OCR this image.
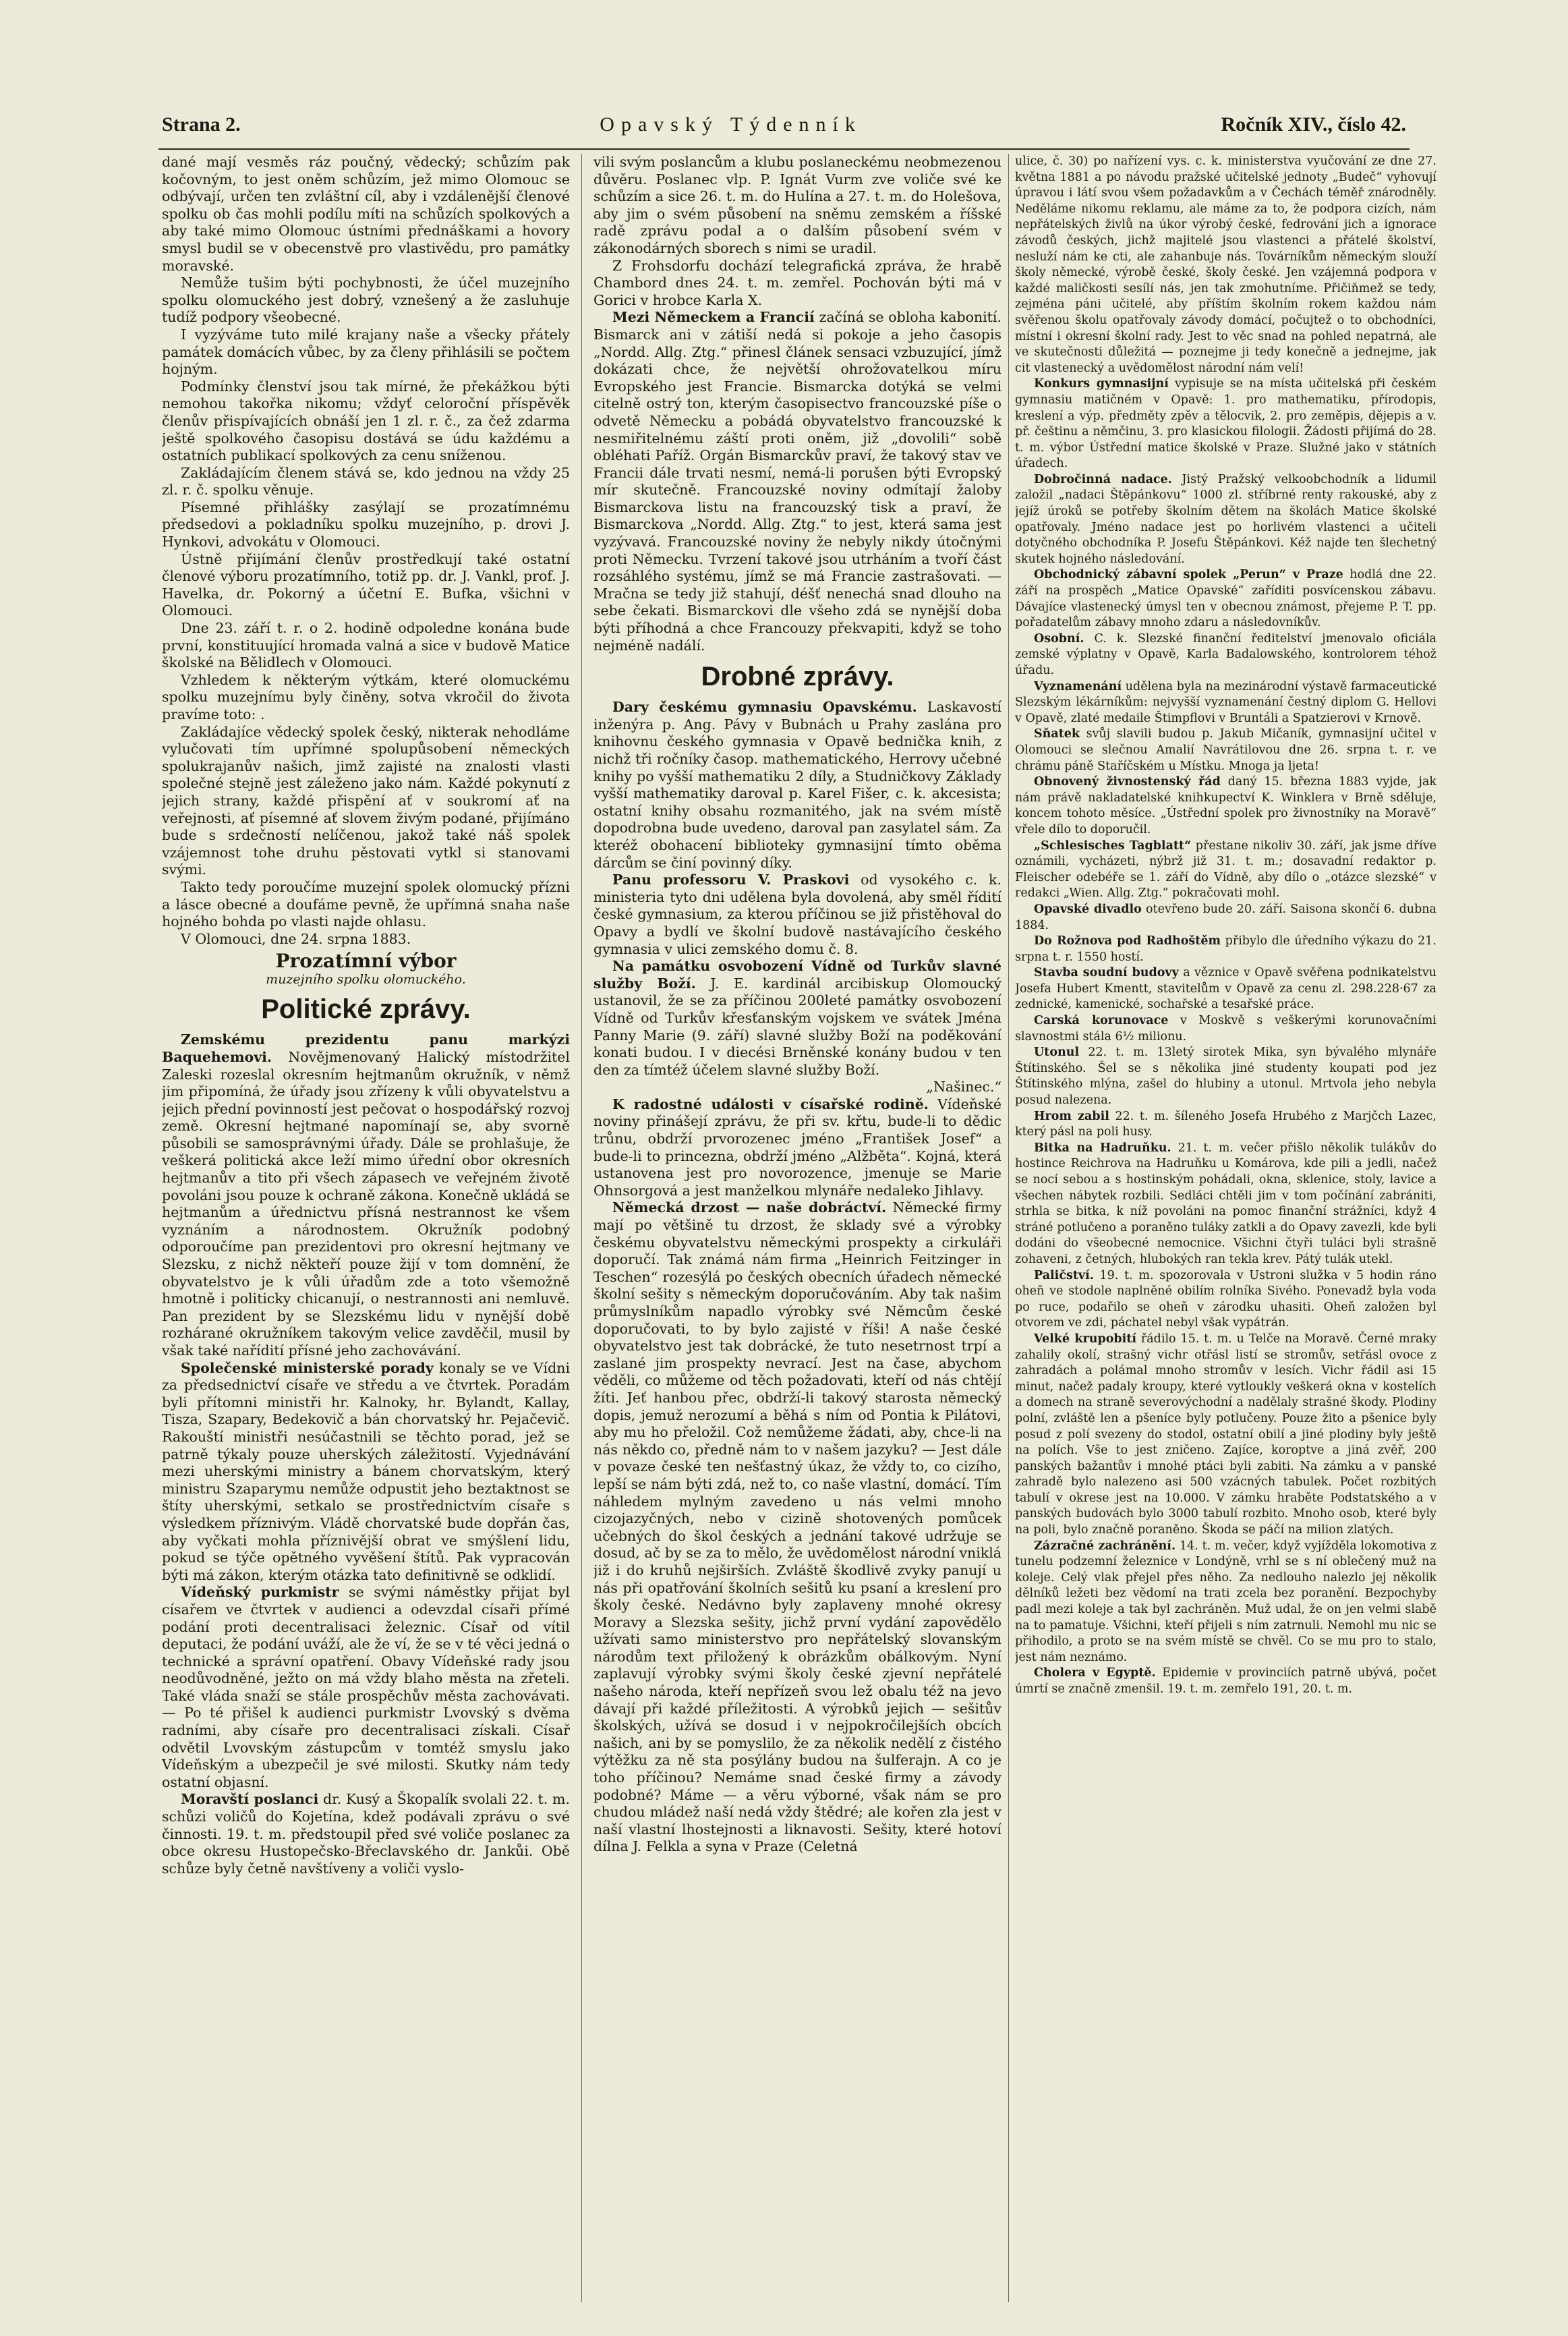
Strana 2.	Opavský Týdenník	Ročník XIV., číslo 42.

dané mají vesměs ráz poučný, vědecký; schůzím pak kočovným, to jest oněm schůzím, jež mimo Olomouc se odbývají, určen ten zvláštní cíl, aby i vzdálenější členové spolku ob čas mohli podílu míti na schůzích spolkových a aby také mimo Olomouc ústními přednáškami a hovory smysl budil se v obecenstvě pro vlastivědu, pro památky moravské.

Nemůže tušim býti pochybnosti, že účel muzejního spolku olomuckého jest dobrý, vznešený a že zasluhuje tudíž podpory všeobecné.

I vyzýváme tuto milé krajany naše a všecky přátely památek domácích vůbec, by za členy přihlásili se počtem hojným.

Podmínky členství jsou tak mírné, že překážkou býti nemohou takořka nikomu; vždyť celoroční příspěvěk členův přispívajících obnáší jen 1 zl. r. č., za čež zdarma ještě spolkového časopisu dostává se údu každému a ostatních publikací spolkových za cenu sníženou.

Zakládajícím členem stává se, kdo jednou na vždy 25 zl. r. č. spolku věnuje.

Písemné přihlášky zasýlají se prozatímnému předsedovi a pokladníku spolku muzejního, p. drovi J. Hynkovi, advokátu v Olomouci.

Ústně přijímání členův prostředkují také ostatní členové výboru prozatímního, totiž pp. dr. J. Vankl, prof. J. Havelka, dr. Pokorný a účetní E. Bufka, všichni v Olomouci.

Dne 23. září t. r. o 2. hodině odpoledne konána bude první, konstituující hromada valná a sice v budově Matice školské na Bělidlech v Olomouci.

Vzhledem k některým výtkám, které olomuckému spolku muzejnímu byly činěny, sotva vkročil do života pravíme toto: .

Zakládajíce vědecký spolek český, nikterak nehodláme vylučovati tím upřímné spolupůsobení německých spolukrajanův našich, jimž zajisté na znalosti vlasti společné stejně jest záleženo jako nám. Každé pokynutí z jejich strany, každé přispění ať v soukromí ať na veřejnosti, ať písemné ať slovem živým podané, přijímáno bude s srdečností nelíčenou, jakož také náš spolek vzájemnost tohe druhu pěstovati vytkl si stanovami svými.

Takto tedy poroučíme muzejní spolek olomucký přízni a lásce obecné a doufáme pevně, že upřímná snaha naše hojného bohda po vlasti najde ohlasu.

V Olomouci, dne 24. srpna 1883.

Prozatímní výbor
muzejního spolku olomuckého.
Politické zprávy.

Zemskému prezidentu panu markýzi Baquehemovi. Novějmenovaný Halický místodržitel Zaleski rozeslal okresním hejtmanům okružník, v němž jim připomíná, že úřady jsou zřízeny k vůli obyvatelstvu a jejich přední povinností jest pečovat o hospodářský rozvoj země. Okresní hejtmané napomínají se, aby svorně působili se samosprávnými úřady. Dále se prohlašuje, že veškerá politická akce leží mimo úřední obor okresních hejtmanův a tito při všech zápasech ve veřejném životě povoláni jsou pouze k ochraně zákona. Konečně ukládá se hejtmanům a úřednictvu přísná nestrannost ke všem vyznáním a národnostem. Okružník podobný odporoučíme pan prezidentovi pro okresní hejtmany ve Slezsku, z nichž někteří pouze žijí v tom domnění, že obyvatelstvo je k vůli úřadům zde a toto všemožně hmotně i politicky chicanují, o nestrannosti ani nemluvě. Pan prezident by se Slezskému lidu v nynější době rozhárané okružníkem takovým velice zavděčil, musil by však také nařídití přísné jeho zachovávání.

Společenské ministerské porady konaly se ve Vídni za předsednictví císaře ve středu a ve čtvrtek. Poradám byli přítomni ministři hr. Kalnoky, hr. Bylandt, Kallay, Tisza, Szapary, Bedekovič a bán chorvatský hr. Pejačevič. Rakouští ministři nesúčastnili se těchto porad, jež se patrně týkaly pouze uherských záležitostí. Vyjednávání mezi uherskými ministry a bánem chorvatským, který ministru Szaparymu nemůže odpustit jeho beztaktnost se štíty uherskými, setkalo se prostřednictvím císaře s výsledkem příznivým. Vládě chorvatské bude dopřán čas, aby vyčkati mohla příznivější obrat ve smýšlení lidu, pokud se týče opětného vyvěšení štítů. Pak vypracován býti má zákon, kterým otázka tato definitivně se odklidí.

Vídeňský purkmistr se svými náměstky přijat byl císařem ve čtvrtek v audienci a odevzdal císaři přímé podání proti decentralisaci železnic. Císař od vítil deputaci, že podání uváží, ale že ví, že se v té věci jedná o technické a správní opatření. Obavy Vídeňské rady jsou neodůvodněné, ježto on má vždy blaho města na zřeteli. Také vláda snaží se stále prospěchův města zachovávati. — Po té přišel k audienci purkmistr Lvovský s dvěma radními, aby císaře pro decentralisaci získali. Císař odvětil Lvovským zástupcům v tomtéž smyslu jako Vídeňským a ubezpečil je své milosti. Skutky nám tedy ostatní objasní.

Moravští poslanci dr. Kusý a Škopalík svolali 22. t. m. schůzi voličů do Kojetína, kdež podávali zprávu o své činnosti. 19. t. m. předstoupil před své voliče poslanec za obce okresu Hustopečsko-Břeclavského dr. Jankůi. Obě schůze byly četně navštíveny a voliči vyslo-

vili svým poslancům a klubu poslaneckému neobmezenou důvěru. Poslanec vlp. P. Ignát Vurm zve voliče své ke schůzím a sice 26. t. m. do Hulína a 27. t. m. do Holešova, aby jim o svém působení na sněmu zemském a říšské radě zprávu podal a o dalším působení svém v zákonodárných sborech s nimi se uradil.

Z Frohsdorfu dochází telegrafická zpráva, že hrabě Chambord dnes 24. t. m. zemřel. Pochován býti má v Gorici v hrobce Karla X.

Mezi Německem a Francií začíná se obloha kabonití. Bismarck ani v zátiší nedá si pokoje a jeho časopis „Nordd. Allg. Ztg.“ přinesl článek sensaci vzbuzující, jímž dokázati chce, že největší ohrožovatelkou míru Evropského jest Francie. Bismarcka dotýká se velmi citelně ostrý ton, kterým časopisectvo francouzské píše o odvetě Německu a pobádá obyvatelstvo francouzské k nesmiřitelnému záští proti oněm, již „dovolili“ sobě obléhati Paříž. Orgán Bismarckův praví, že takový stav ve Francii dále trvati nesmí, nemá-li porušen býti Evropský mír skutečně. Francouzské noviny odmítají žaloby Bismarckova listu na francouzský tisk a praví, že Bismarckova „Nordd. Allg. Ztg.“ to jest, která sama jest vyzývavá. Francouzské noviny že nebyly nikdy útočnými proti Německu. Tvrzení takové jsou utrháním a tvoří část rozsáhlého systému, jímž se má Francie zastrašovati. — Mračna se tedy již stahují, déšť nenechá snad dlouho na sebe čekati. Bismarckovi dle všeho zdá se nynější doba býti příhodná a chce Francouzy překvapiti, když se toho nejméně nadálí.

Drobné zprávy.

Dary českému gymnasiu Opavskému. Laskavostí inženýra p. Ang. Pávy v Bubnách u Prahy zaslána pro knihovnu českého gymnasia v Opavě bednička knih, z nichž tři ročníky časop. mathematického, Herrovy učebné knihy po vyšší mathematiku 2 díly, a Studničkovy Základy vyšší mathematiky daroval p. Karel Fišer, c. k. akcesista; ostatní knihy obsahu rozmanitého, jak na svém místě dopodrobna bude uvedeno, daroval pan zasylatel sám. Za kteréž obohacení biblioteky gymnasijní tímto oběma dárcům se činí povinný díky.

Panu professoru V. Praskovi od vysokého c. k. ministeria tyto dni udělena byla dovolená, aby směl řídití české gymnasium, za kterou příčinou se již přistěhoval do Opavy a bydlí ve školní budově nastávajícího českého gymnasia v ulici zemského domu č. 8.

Na památku osvobození Vídně od Turkův slavné služby Boží. J. E. kardinál arcibiskup Olomoucký ustanovil, že se za příčinou 200leté památky osvobození Vídně od Turkův křesťanským vojskem ve svátek Jména Panny Marie (9. září) slavné služby Boží na poděkování konati budou. I v diecési Brněnské konány budou v ten den za tímtéž účelem slavné služby Boží.

„Našinec.“

K radostné události v císařské rodině. Vídeňské noviny přinášejí zprávu, že při sv. křtu, bude-li to dědic trůnu, obdrží prvorozenec jméno „František Josef“ a bude-li to princezna, obdrží jméno „Alžběta“. Kojná, která ustanovena jest pro novorozence, jmenuje se Marie Ohnsorgová a jest manželkou mlynáře nedaleko Jihlavy.

Německá drzost — naše dobráctví. Německé firmy mají po většině tu drzost, že sklady své a výrobky českému obyvatelstvu německými prospekty a cirkuláři doporučí. Tak známá nám firma „Heinrich Feitzinger in Teschen“ rozesýlá po českých obecních úřadech německé školní sešity s německým doporučováním. Aby tak našim průmyslníkům napadlo výrobky své Němcům české doporučovati, to by bylo zajisté v říši! A naše české obyvatelstvo jest tak dobrácké, že tuto nesetrnost trpí a zaslané jim prospekty nevrací. Jest na čase, abychom věděli, co můžeme od těch požadovati, kteří od nás chtějí žíti. Jeť hanbou přec, obdrží-li takový starosta německý dopis, jemuž nerozumí a běhá s ním od Pontia k Pilátovi, aby mu ho přeložil. Což nemůžeme žádati, aby, chce-li na nás někdo co, předně nám to v našem jazyku? — Jest dále v povaze české ten nešťastný úkaz, že vždy to, co cizího, lepší se nám býti zdá, než to, co naše vlastní, domácí. Tím náhledem mylným zavedeno u nás velmi mnoho cizojazyčných, nebo v cizině shotovených pomůcek učebných do škol českých a jednání takové udržuje se dosud, ač by se za to mělo, že uvědomělost národní vniklá již i do kruhů nejširších. Zvláště škodlivě zvyky panují u nás při opatřování školních sešitů ku psaní a kreslení pro školy české. Nedávno byly zaplaveny mnohé okresy Moravy a Slezska sešity, jichž první vydání zapovědělo užívati samo ministerstvo pro nepřátelský slovanským národům text přiložený k obrázkům obálkovým. Nyní zaplavují výrobky svými školy české zjevní nepřátelé našeho národa, kteří nepřízeň svou lež obalu též na jevo dávají při každé příležitosti. A výrobků jejich — sešitův školských, užívá se dosud i v nejpokročilejších obcích našich, ani by se pomyslilo, že za několik nedělí z čistého výtěžku za ně sta posýlány budou na šulferajn. A co je toho příčinou? Nemáme snad české firmy a závody podobné? Máme — a věru výborné, však nám se pro chudou mládež naší nedá vždy štědré; ale kořen zla jest v naší vlastní lhostejnosti a liknavosti. Sešity, které hotoví dílna J. Felkla a syna v Praze (Celetná

ulice, č. 30) po nařízení vys. c. k. ministerstva vyučování ze dne 27. května 1881 a po návodu pražské učitelské jednoty „Budeč“ vyhovují úpravou i látí svou všem požadavkům a v Čechách téměř znárodněly. Nedělámе nikomu reklamu, ale máme za to, že podpora cizích, nám nepřátelských živlů na úkor výrobý české, fedrování jich a ignorace závodů českých, jichž majitelé jsou vlastenci a přátelé školství, nesluží nám ke cti, ale zahanbuje nás. Továrníkům německým slouží školy německé, výrobě české, školy české. Jen vzájemná podpora v každé maličkosti sesílí nás, jen tak zmohutníme. Přičiňmež se tedy, zejména páni učitelé, aby příštím školním rokem každou nám svěřenou školu opatřovaly závody domácí, počujtež o to obchodníci, místní i okresní školní rady. Jest to věc snad na pohled nepatrná, ale ve skutečnosti důležitá — poznejme ji tedy konečně a jednejme, jak cit vlastenecký a uvědomělost národní nám velí!

Konkurs gymnasijní vypisuje se na místa učitelská při českém gymnasiu matičném v Opavě: 1. pro mathematiku, přírodopis, kreslení a výp. předměty zpěv a tělocvik, 2. pro zeměpis, dějepis a v. př. češtinu a němčinu, 3. pro klasickou filologii. Žádosti přijímá do 28. t. m. výbor Ústřední matice školské v Praze. Služné jako v státních úřadech.

Dobročinná nadace. Jistý Pražský velkoobchodník a lidumil založil „nadaci Štěpánkovu“ 1000 zl. stříbrné renty rakouské, aby z jejíž úroků se potřeby školním dětem na školách Matice školské opatřovaly. Jméno nadace jest po horlivém vlastenci a učiteli dotyčného obchodníka P. Josefu Štěpánkovi. Kéž najde ten šlechetný skutek hojného následování.

Obchodnický zábavní spolek „Perun“ v Praze hodlá dne 22. září na prospěch „Matice Opavské“ zaříditi posvícenskou zábavu. Dávajíce vlastenecký úmysl ten v obecnou známost, přejeme P. T. pp. pořadatelům zábavy mnoho zdaru a následovníkův.

Osobní. C. k. Slezské finanční ředitelství jmenovalo oficiála zemské výplatny v Opavě, Karla Badalowského, kontrolorem téhož úřadu.

Vyznamenání udělena byla na mezinárodní výstavě farmaceutické Slezským lékárníkům: nejvyšší vyznamenání čestný diplom G. Hellovi v Opavě, zlaté medaile Štimpflovi v Bruntáli a Spatzierovi v Krnově.

Sňatek svůj slavili budou p. Jakub Mičaník, gymnasijní učitel v Olomouci se slečnou Amalií Navrátilovou dne 26. srpna t. r. ve chrámu páně Staříčském u Místku. Mnoga ja ljeta!

Obnovený živnostenský řád daný 15. března 1883 vyjde, jak nám právě nakladatelské knihkupectví K. Winklera v Brně sděluje, koncem tohoto měsíce. „Ústřední spolek pro živnostníky na Moravě“ vřele dílo to doporučil.

„Schlesisches Tagblatt“ přestane nikoliv 30. září, jak jsme dříve oznámili, vycházeti, nýbrž již 31. t. m.; dosavadní redaktor p. Fleischer odebéře se 1. září do Vídně, aby dílo o „otázce slezské“ v redakci „Wien. Allg. Ztg.“ pokračovati mohl.

Opavské divadlo otevřeno bude 20. září. Saisona skončí 6. dubna 1884.

Do Rožnova pod Radhoštěm přibylo dle úředního výkazu do 21. srpna t. r. 1550 hostí.

Stavba soudní budovy a věznice v Opavě svěřena podnikatelstvu Josefa Hubert Kmentt, stavitelům v Opavě za cenu zl. 298.228·67 za zednické, kamenické, sochařské a tesařské práce.

Carská korunovace v Moskvě s veškerými korunovačními slavnostmi stála 6½ milionu.

Utonul 22. t. m. 13letý sirotek Mika, syn bývalého mlynáře Štítinského. Šel se s několika jiné studenty koupati pod jez Štítinského mlýna, zašel do hlubiny a utonul. Mrtvola jeho nebyla posud nalezena.

Hrom zabil 22. t. m. šíleného Josefa Hrubého z Marjčch Lazec, který pásl na poli husy.

Bitka na Hadruňku. 21. t. m. večer přišlo několik tulákův do hostince Reichrova na Hadruňku u Komárova, kde pili a jedli, načež se nocí sebou a s hostinským pohádali, okna, sklenice, stoly, lavice a všechen nábytek rozbili. Sedláci chtěli jim v tom počínání zabrániti, strhla se bitka, k níž povoláni na pomoc finanční strážníci, když 4 stráné potlučeno a poraněno tuláky zatkli a do Opavy zavezli, kde byli dodáni do všeobecné nemocnice. Všichni čtyři tuláci byli strašně zohaveni, z četných, hlubokých ran tekla krev. Pátý tulák utekl.

Paličství. 19. t. m. spozorovala v Ustroni služka v 5 hodin ráno oheň ve stodole naplněné obilím rolníka Sivého. Ponevadž byla voda po ruce, podařilo se oheň v zárodku uhasiti. Oheň založen byl otvorem ve zdi, páchatel nebyl však vypátrán.

Velké krupobití řádilo 15. t. m. u Telče na Moravě. Černé mraky zahalily okolí, strašný vichr otřásl listí se stromův, setřásl ovoce z zahradách a polámal mnoho stromův v lesích. Vichr řádil asi 15 minut, načež padaly kroupy, které vytloukly veškerá okna v kostelích a domech na straně severovýchodní a nadělaly strašné škody. Plodiny polní, zvláště len a pšeníce byly potlučeny. Pouze žito a pšenice byly posud z polí svezeny do stodol, ostatní obilí a jiné plodiny byly ještě na polích. Vše to jest zničeno. Zajíce, koroptve a jiná zvěř, 200 panských bažantův i mnohé ptáci byli zabiti. Na zámku a v panské zahradě bylo nalezeno asi 500 vzácných tabulek. Počet rozbitých tabulí v okrese jest na 10.000. V zámku hraběte Podstatského a v panských budovách bylo 3000 tabulí rozbito. Mnoho osob, které byly na poli, bylo značně poraněno. Škoda se páčí na milion zlatých.

Zázračné zachránění. 14. t. m. večer, když vyjížděla lokomotiva z tunelu podzemní železnice v Londýně, vrhl se s ní oblečený muž na koleje. Celý vlak přejel přes něho. Za nedlouho nalezlo jej několik dělníků ležeti bez vědomí na trati zcela bez poranění. Bezpochyby padl mezi koleje a tak byl zachráněn. Muž udal, že on jen velmi slabě na to pamatuje. Všichni, kteří přijeli s ním zatrnuli. Nemohl mu nic se přihodilo, a proto se na svém místě se chvěl. Co se mu pro to stalo, jest nám neznámo.

Cholera v Egyptě. Epidemie v provinciích patrně ubývá, počet úmrtí se značně zmenšil. 19. t. m. zemřelo 191, 20. t. m.
